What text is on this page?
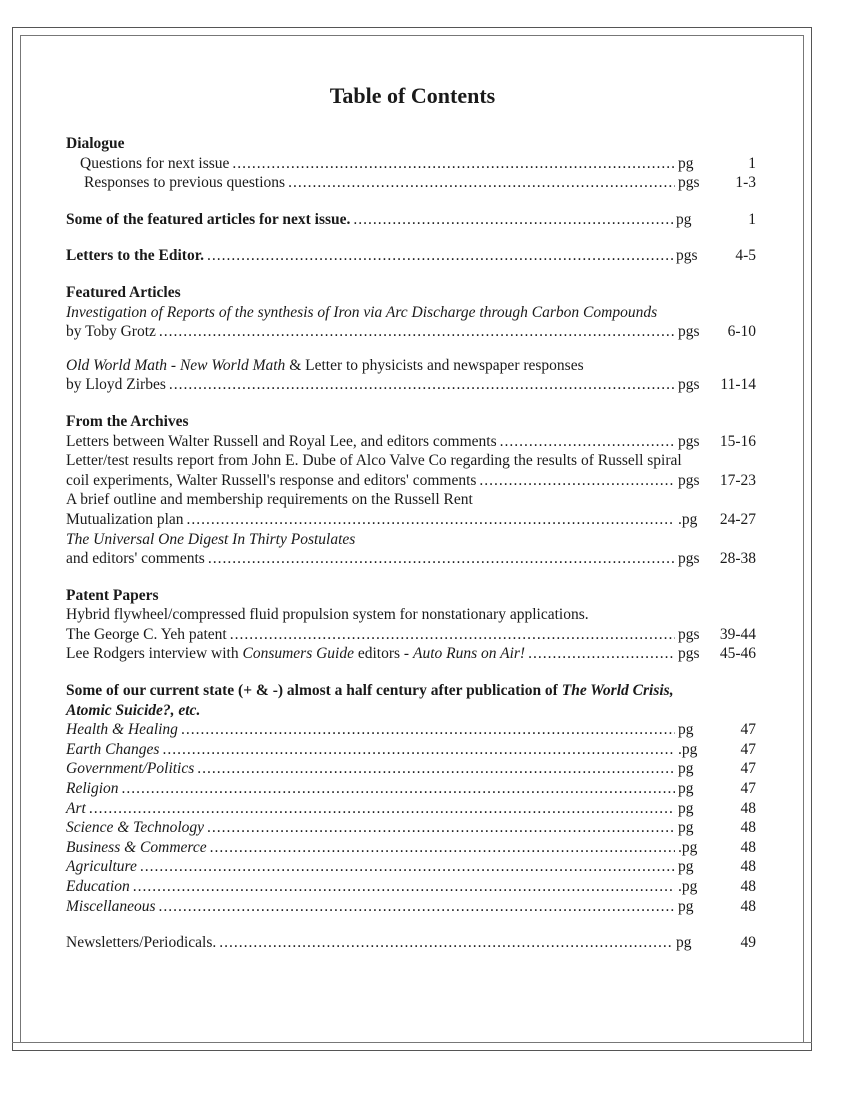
Table of Contents
Dialogue
Questions for next issue .....	pg	1
Responses to previous questions .....	pgs	1-3
Some of the featured articles for next issue. .....	pg	1
Letters to the Editor. .....	pgs	4-5
Featured Articles
Investigation of Reports of the synthesis of Iron via Arc Discharge through Carbon Compounds
by Toby Grotz .....	pgs	6-10
Old World Math - New World Math & Letter to physicists and newspaper responses
by Lloyd Zirbes .....	pgs	11-14
From the Archives
Letters between Walter Russell and Royal Lee, and editors comments .....	pgs	15-16
Letter/test results report from John E. Dube of Alco Valve Co regarding the results of Russell spiral
coil experiments, Walter Russell's response and editors' comments .....	pgs	17-23
A brief outline and membership requirements on the Russell Rent
Mutualization plan .....	.pg	24-27
The Universal One Digest In Thirty Postulates
and editors' comments .....	pgs	28-38
Patent Papers
Hybrid flywheel/compressed fluid propulsion system for nonstationary applications.
The George C. Yeh patent .....	pgs	39-44
Lee Rodgers interview with Consumers Guide editors - Auto Runs on Air! .....	pgs	45-46
Some of our current state (+ & -) almost a half century after publication of The World Crisis,
Atomic Suicide?, etc.
Health & Healing .....	pg	47
Earth Changes .....	.pg	47
Government/Politics .....	pg	47
Religion .....	pg	47
Art .....	pg	48
Science & Technology .....	pg	48
Business & Commerce .....	.pg	48
Agriculture .....	pg	48
Education .....	.pg	48
Miscellaneous .....	pg	48
Newsletters/Periodicals. .....	pg	49
